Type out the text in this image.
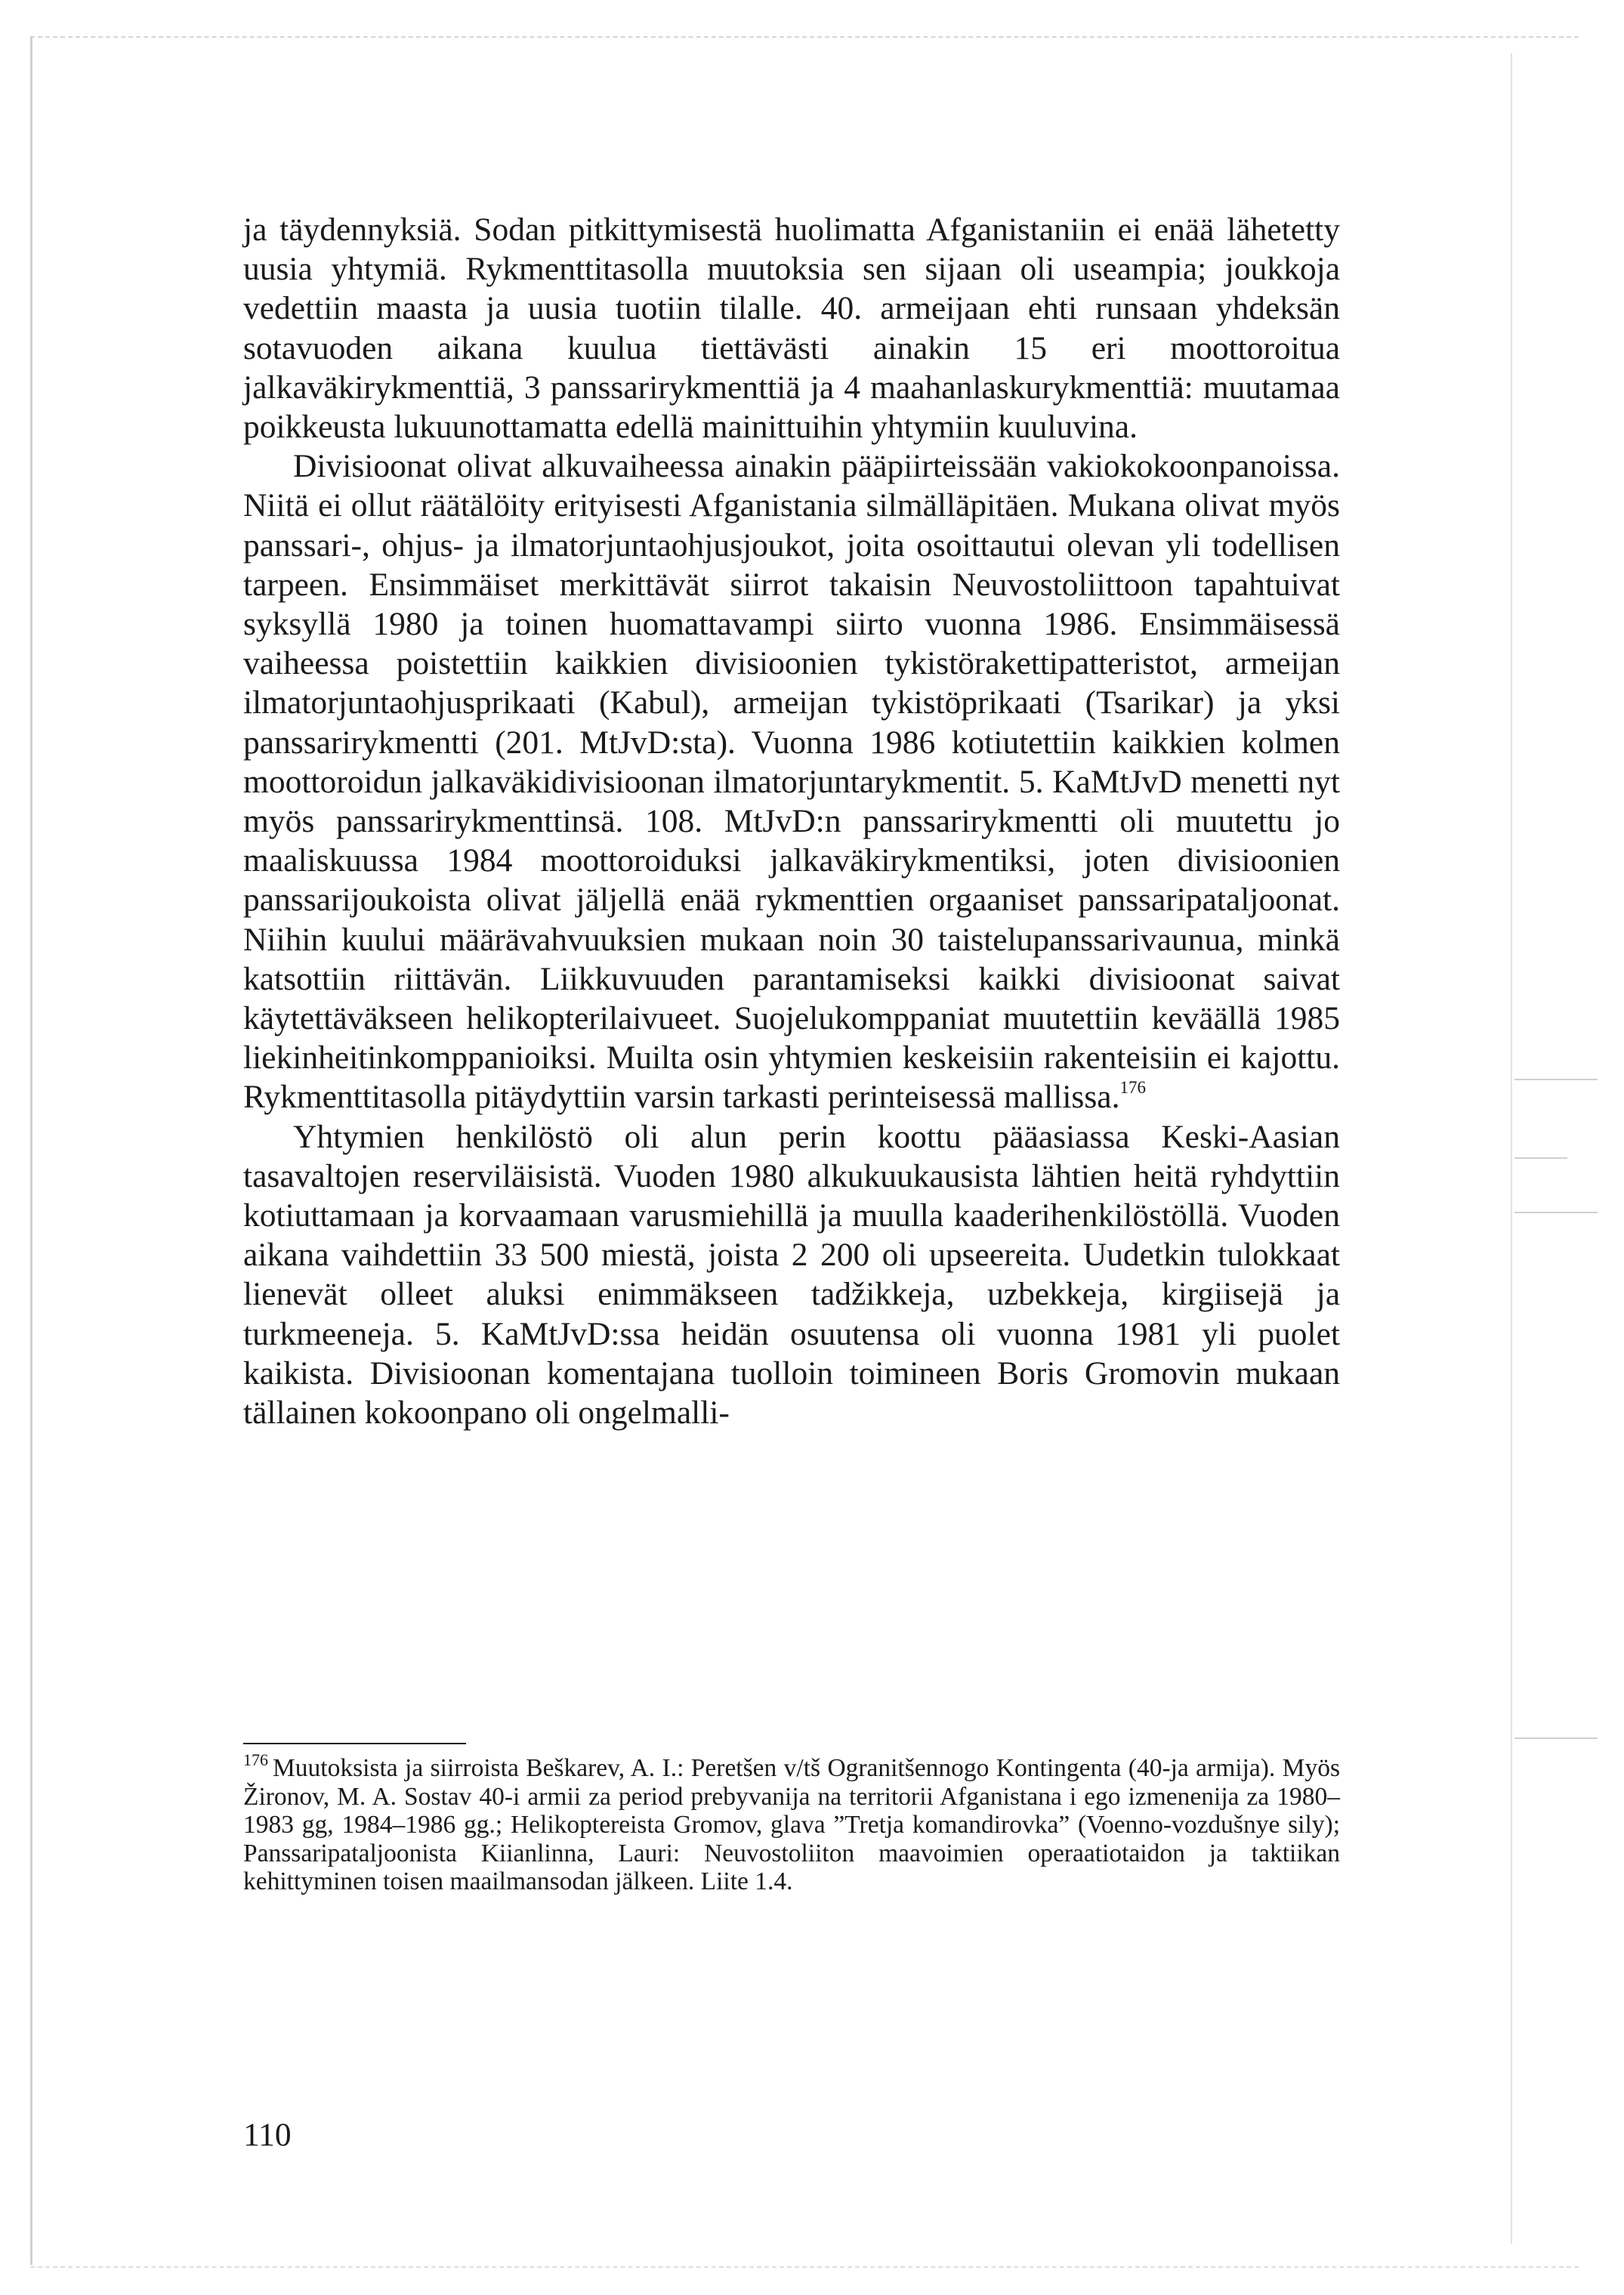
ja täydennyksiä. Sodan pitkittymisestä huolimatta Afganistaniin ei enää lähetetty uusia yhtymiä. Rykmenttitasolla muutoksia sen sijaan oli useampia; joukkoja vedettiin maasta ja uusia tuotiin tilalle. 40. armeijaan ehti runsaan yhdeksän sotavuoden aikana kuulua tiettävästi ainakin 15 eri moottoroitua jalkaväkirykmenttiä, 3 panssarirykmenttiä ja 4 maahanlaskurykmenttiä: muutamaa poikkeusta lukuunottamatta edellä mainittuihin yhtymiin kuuluvina.

Divisioonat olivat alkuvaiheessa ainakin pääpiirteissään vakiokokoonpanoissa. Niitä ei ollut räätälöity erityisesti Afganistania silmälläpitäen. Mukana olivat myös panssari-, ohjus- ja ilmatorjuntaohjusjoukot, joita osoittautui olevan yli todellisen tarpeen. Ensimmäiset merkittävät siirrot takaisin Neuvostoliittoon tapahtuivat syksyllä 1980 ja toinen huomattavampi siirto vuonna 1986. Ensimmäisessä vaiheessa poistettiin kaikkien divisioonien tykistörakettipatteristot, armeijan ilmatorjuntaohjusprikaati (Kabul), armeijan tykistöprikaati (Tsarikar) ja yksi panssarirykmentti (201. MtJvD:sta). Vuonna 1986 kotiutettiin kaikkien kolmen moottoroidun jalkaväkidivisioonan ilmatorjuntarykmentit. 5. KaMtJvD menetti nyt myös panssarirykmenttinsä. 108. MtJvD:n panssarirykmentti oli muutettu jo maaliskuussa 1984 moottoroiduksi jalkaväkirykmentiksi, joten divisioonien panssarijoukoista olivat jäljellä enää rykmenttien orgaaniset panssaripataljoonat. Niihin kuului määrävahvuuksien mukaan noin 30 taistelupanssarivaunua, minkä katsottiin riittävän. Liikkuvuuden parantamiseksi kaikki divisioonat saivat käytettäväkseen helikopterilaivueet. Suojelukomppaniat muutettiin keväällä 1985 liekinheitinkomppanioiksi. Muilta osin yhtymien keskeisiin rakenteisiin ei kajottu. Rykmenttitasolla pitäydyttiin varsin tarkasti perinteisessä mallissa.$^{176}$

Yhtymien henkilöstö oli alun perin koottu pääasiassa Keski-Aasian tasavaltojen reserviläisistä. Vuoden 1980 alkukuukausista lähtien heitä ryhdyttiin kotiuttamaan ja korvaamaan varusmiehillä ja muulla kaaderihenkilöstöllä. Vuoden aikana vaihdettiin 33 500 miestä, joista 2 200 oli upseereita. Uudetkin tulokkaat lienevät olleet aluksi enimmäkseen tadžikkeja, uzbekkeja, kirgiisejä ja turkmeeneja. 5. KaMtJvD:ssa heidän osuutensa oli vuonna 1981 yli puolet kaikista. Divisioonan komentajana tuolloin toimineen Boris Gromovin mukaan tällainen kokoonpano oli ongelmalli-

$^{176}$ Muutoksista ja siirroista Beškarev, A. I.: Peretšen v/tš Ogranitšennogo Kontingenta (40-ja armija). Myös Žironov, M. A. Sostav 40-i armii za period prebyvanija na territorii Afganistana i ego izmenenija za 1980–1983 gg, 1984–1986 gg.; Helikoptereista Gromov, glava ”Tretja komandirovka” (Voenno-vozdušnye sily); Panssaripataljoonista Kiianlinna, Lauri: Neuvostoliiton maavoimien operaatiotaidon ja taktiikan kehittyminen toisen maailmansodan jälkeen. Liite 1.4.

110
